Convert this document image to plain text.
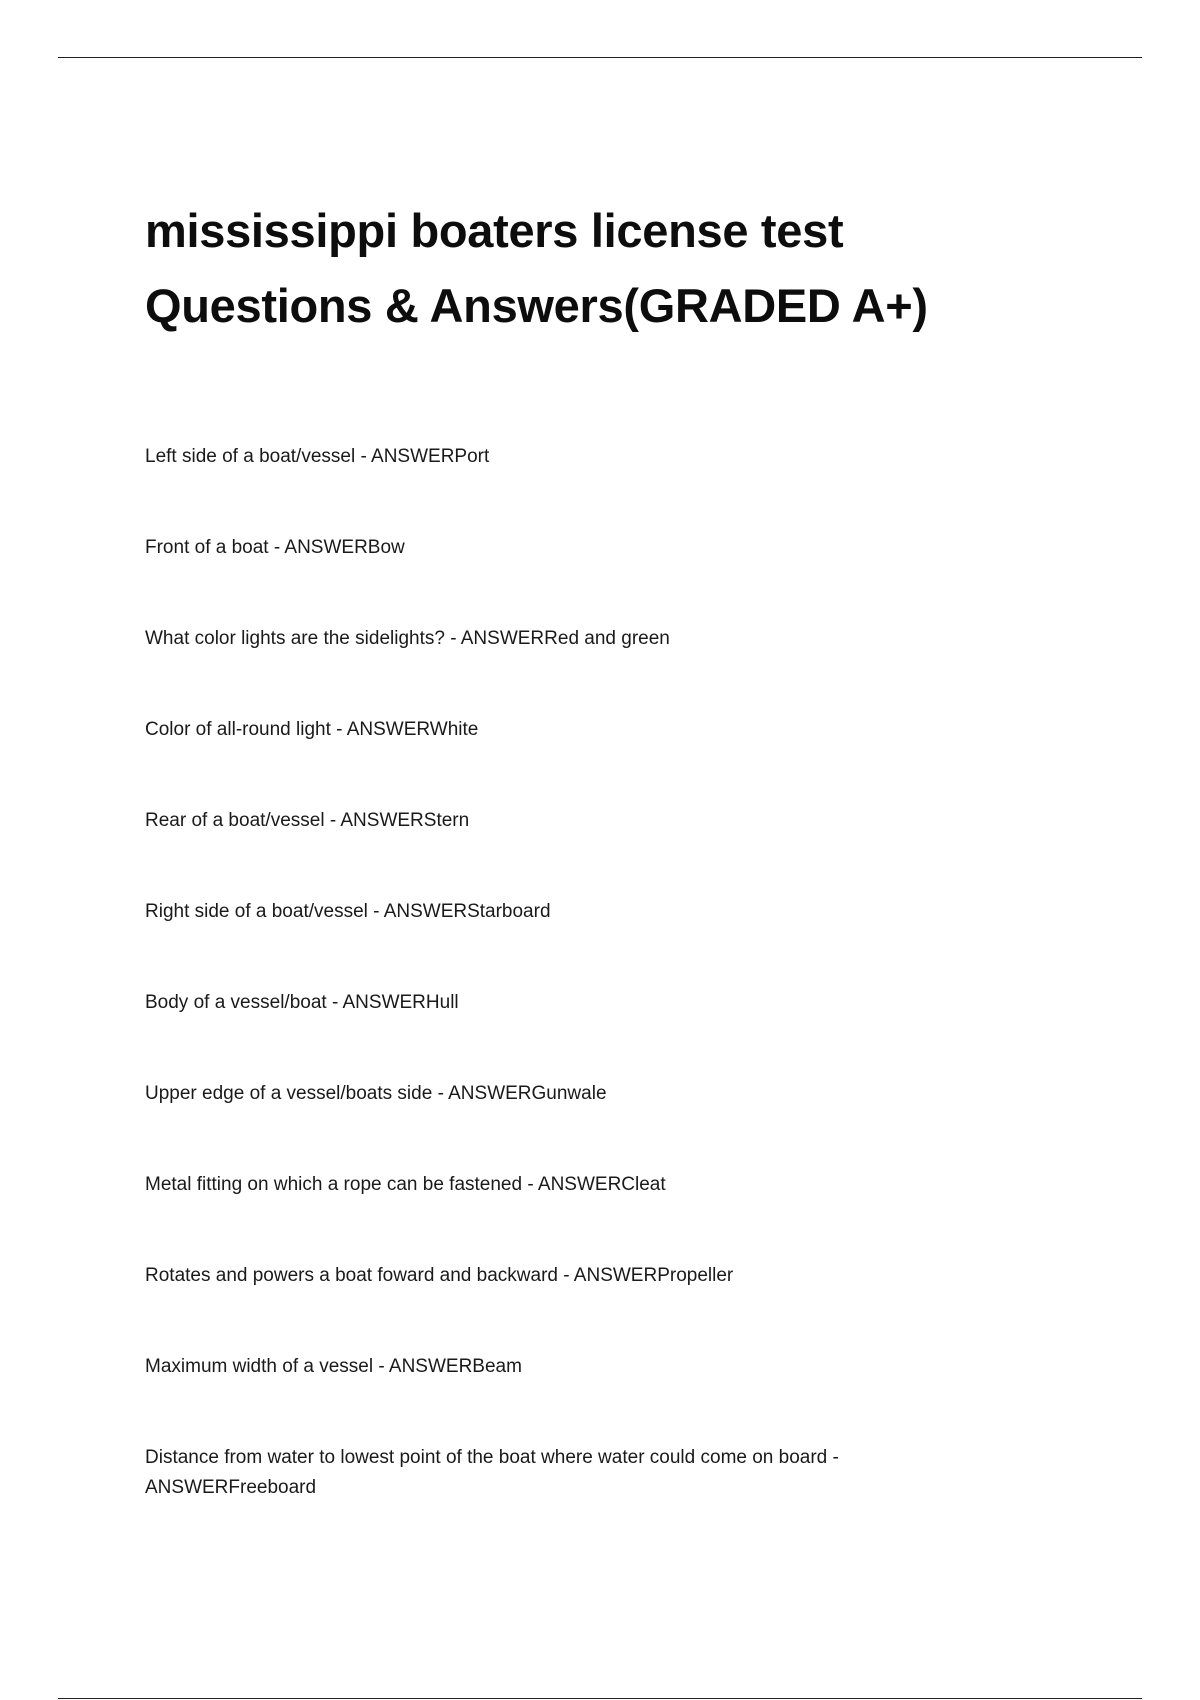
mississippi boaters license test
Questions & Answers(GRADED A+)
Left side of a boat/vessel - ANSWERPort
Front of a boat - ANSWERBow
What color lights are the sidelights? - ANSWERRed and green
Color of all-round light - ANSWERWhite
Rear of a boat/vessel - ANSWERStern
Right side of a boat/vessel - ANSWERStarboard
Body of a vessel/boat - ANSWERHull
Upper edge of a vessel/boats side - ANSWERGunwale
Metal fitting on which a rope can be fastened - ANSWERCleat
Rotates and powers a boat foward and backward - ANSWERPropeller
Maximum width of a vessel - ANSWERBeam
Distance from water to lowest point of the boat where water could come on board - ANSWERFreeboard
